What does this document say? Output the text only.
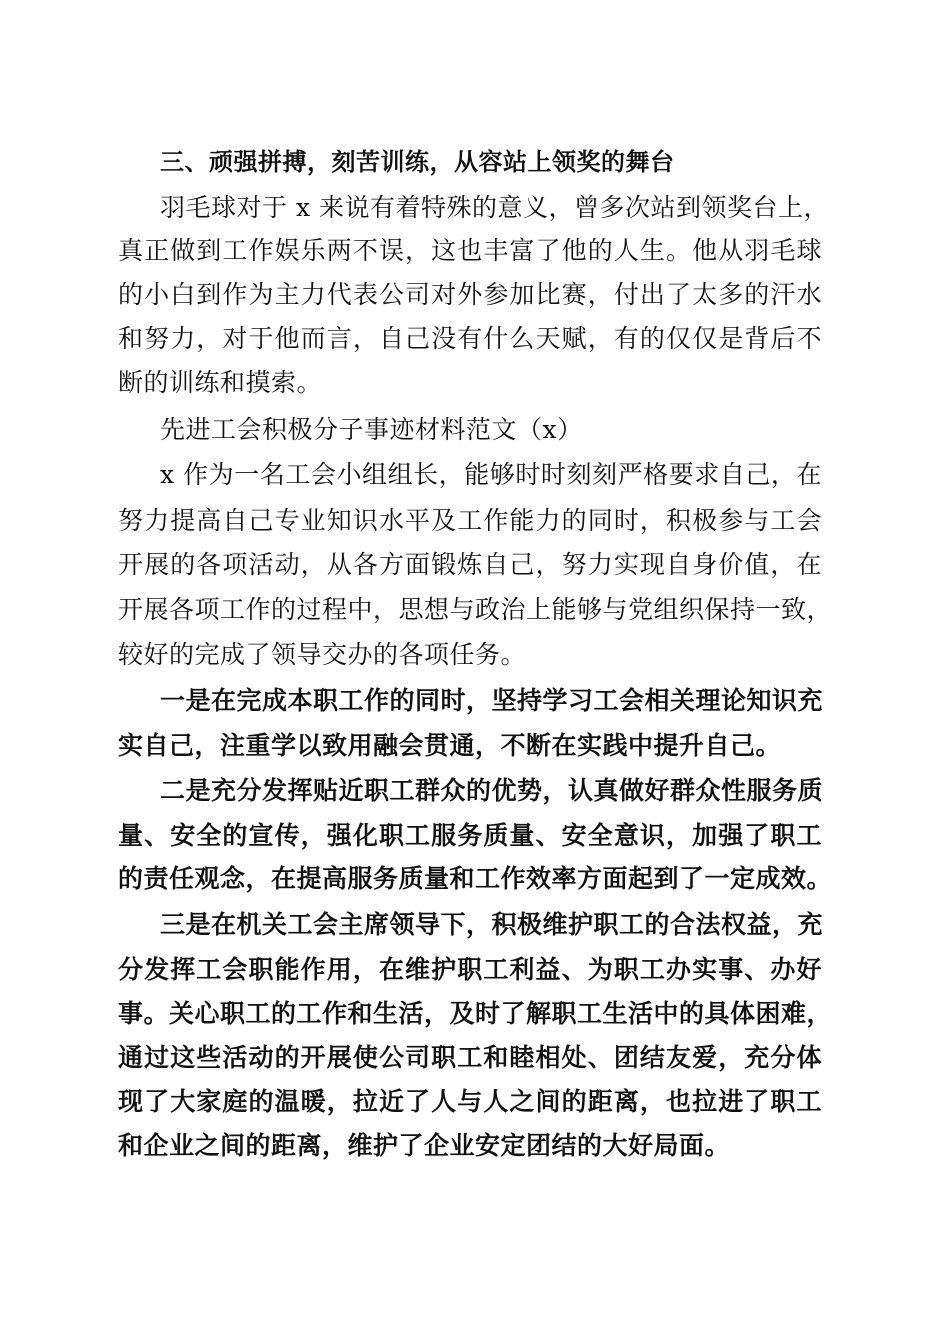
三、顽强拼搏，刻苦训练，从容站上领奖的舞台
羽毛球对于 x 来说有着特殊的意义，曾多次站到领奖台上，
真正做到工作娱乐两不误，这也丰富了他的人生。他从羽毛球
的小白到作为主力代表公司对外参加比赛，付出了太多的汗水
和努力，对于他而言，自己没有什么天赋，有的仅仅是背后不
断的训练和摸索。
先进工会积极分子事迹材料范文（x）
x 作为一名工会小组组长，能够时时刻刻严格要求自己，在
努力提高自己专业知识水平及工作能力的同时，积极参与工会
开展的各项活动，从各方面锻炼自己，努力实现自身价值，在
开展各项工作的过程中，思想与政治上能够与党组织保持一致，
较好的完成了领导交办的各项任务。
一是在完成本职工作的同时，坚持学习工会相关理论知识充
实自己，注重学以致用融会贯通，不断在实践中提升自己。
二是充分发挥贴近职工群众的优势，认真做好群众性服务质
量、安全的宣传，强化职工服务质量、安全意识，加强了职工
的责任观念，在提高服务质量和工作效率方面起到了一定成效。
三是在机关工会主席领导下，积极维护职工的合法权益，充
分发挥工会职能作用，在维护职工利益、为职工办实事、办好
事。关心职工的工作和生活，及时了解职工生活中的具体困难，
通过这些活动的开展使公司职工和睦相处、团结友爱，充分体
现了大家庭的温暖，拉近了人与人之间的距离，也拉进了职工
和企业之间的距离，维护了企业安定团结的大好局面。
